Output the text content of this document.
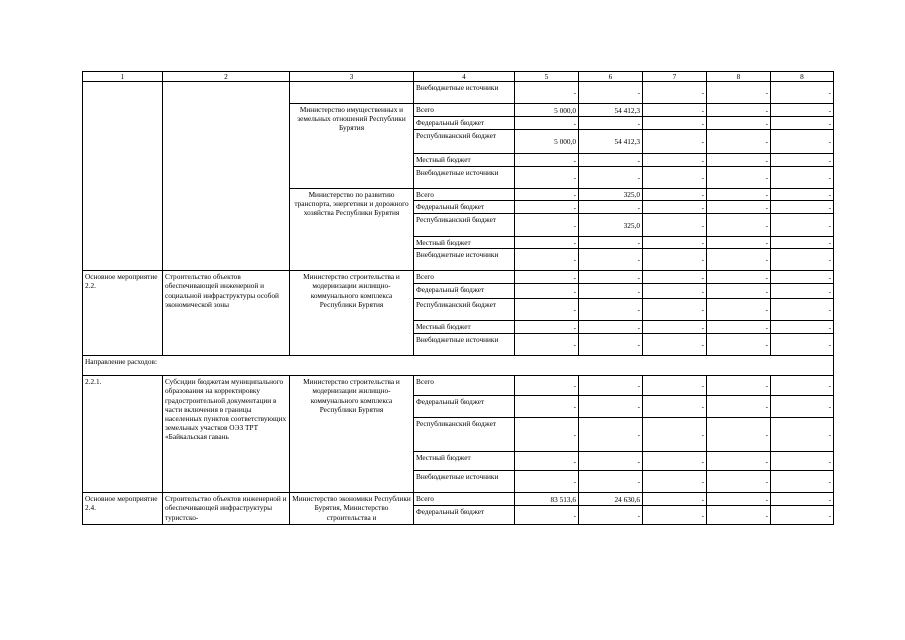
1	2	3	4	5	6	7	8	8
			Внебюджетные источники	-	-	-	-	-
		Министерство имущественных и земельных отношений Республики Бурятия	Всего	5 000,0	54 412,3	-	-	-
			Федеральный бюджет	-	-	-	-	-
			Республиканский бюджет	5 000,0	54 412,3	-	-	-
			Местный бюджет	-	-	-	-	-
			Внебюджетные источники	-	-	-	-	-
		Министерство по развитию транспорта, энергетики и дорожного хозяйства Республики Бурятия	Всего	-	325,0	-	-	-
			Федеральный бюджет	-	-	-	-	-
			Республиканский бюджет	-	325,0	-	-	-
			Местный бюджет	-	-	-	-	-
			Внебюджетные источники	-	-	-	-	-
Основное мероприятие 2.2.	Строительство объектов обеспечивающей инженерной и социальной инфраструктуры особой экономической зоны	Министерство строительства и модернизации жилищно-коммунального комплекса Республики Бурятия	Всего	-	-	-	-	-
			Федеральный бюджет	-	-	-	-	-
			Республиканский бюджет	-	-	-	-	-
			Местный бюджет	-	-	-	-	-
			Внебюджетные источники	-	-	-	-	-
Направление расходов:								
2.2.1.	Субсидии бюджетам муниципального образования на корректировку градостроительной документации в части включения в границы населенных пунктов соответствующих земельных участков ОЭЗ ТРТ «Байкальская гавань	Министерство строительства и модернизации жилищно-коммунального комплекса Республики Бурятия	Всего	-	-	-	-	-
			Федеральный бюджет	-	-	-	-	-
			Республиканский бюджет	-	-	-	-	-
			Местный бюджет	-	-	-	-	-
			Внебюджетные источники	-	-	-	-	-
Основное мероприятие 2.4.	Строительство объектов инженерной и обеспечивающей инфраструктуры туристско-	Министерство экономики Республики Бурятия, Министерство строительства и	Всего	83 513,6	24 630,6	-	-	-
			Федеральный бюджет	-	-	-	-	-
